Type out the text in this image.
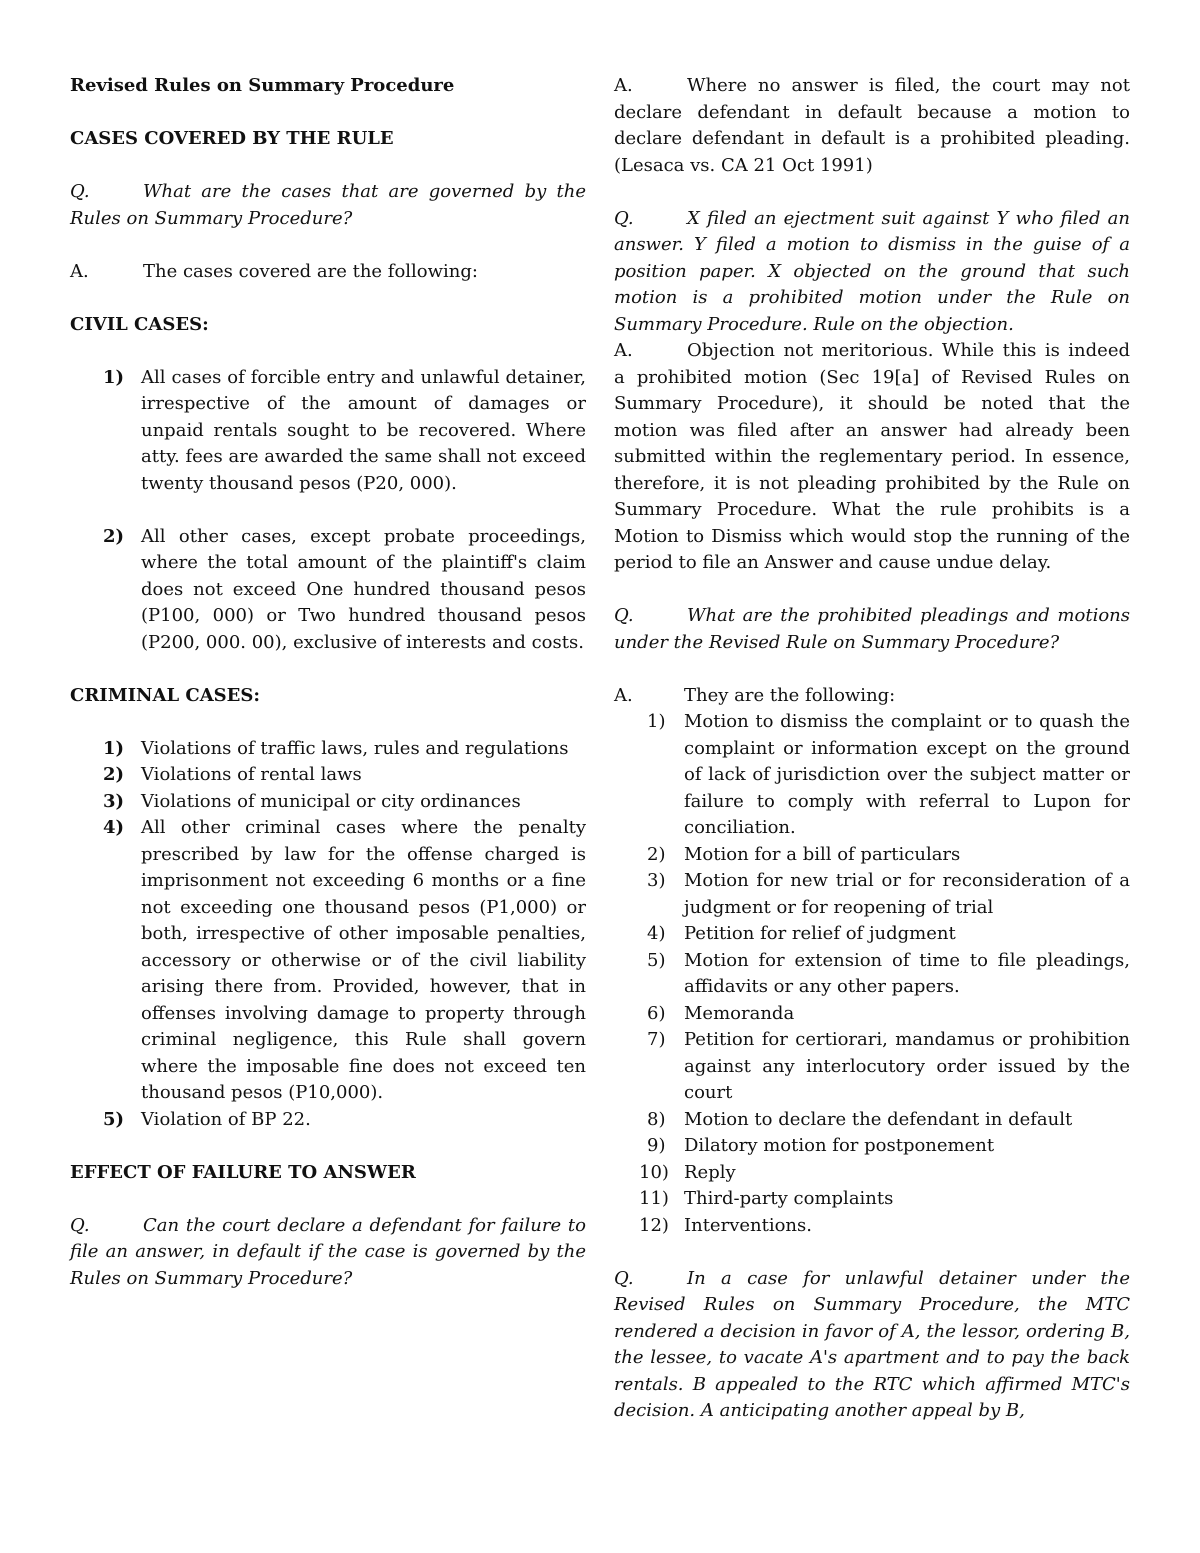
Revised Rules on Summary Procedure

CASES COVERED BY THE RULE

Q.	What are the cases that are governed by the Rules on Summary Procedure?

A.	The cases covered are the following:

CIVIL CASES:

1) All cases of forcible entry and unlawful detainer, irrespective of the amount of damages or unpaid rentals sought to be recovered. Where atty. fees are awarded the same shall not exceed twenty thousand pesos (P20, 000).
2) All other cases, except probate proceedings, where the total amount of the plaintiff's claim does not exceed One hundred thousand pesos (P100, 000) or Two hundred thousand pesos (P200, 000. 00), exclusive of interests and costs.

CRIMINAL CASES:

1) Violations of traffic laws, rules and regulations
2) Violations of rental laws
3) Violations of municipal or city ordinances
4) All other criminal cases where the penalty prescribed by law for the offense charged is imprisonment not exceeding 6 months or a fine not exceeding one thousand pesos (P1,000) or both, irrespective of other imposable penalties, accessory or otherwise or of the civil liability arising there from. Provided, however, that in offenses involving damage to property through criminal negligence, this Rule shall govern where the imposable fine does not exceed ten thousand pesos (P10,000).
5) Violation of BP 22.

EFFECT OF FAILURE TO ANSWER

Q.	Can the court declare a defendant for failure to file an answer, in default if the case is governed by the Rules on Summary Procedure?

A.	Where no answer is filed, the court may not declare defendant in default because a motion to declare defendant in default is a prohibited pleading. (Lesaca vs. CA 21 Oct 1991)

Q.	X filed an ejectment suit against Y who filed an answer. Y filed a motion to dismiss in the guise of a position paper. X objected on the ground that such motion is a prohibited motion under the Rule on Summary Procedure. Rule on the objection.

A.	Objection not meritorious. While this is indeed a prohibited motion (Sec 19[a] of Revised Rules on Summary Procedure), it should be noted that the motion was filed after an answer had already been submitted within the reglementary period. In essence, therefore, it is not pleading prohibited by the Rule on Summary Procedure. What the rule prohibits is a Motion to Dismiss which would stop the running of the period to file an Answer and cause undue delay.

Q.	What are the prohibited pleadings and motions under the Revised Rule on Summary Procedure?

A.	They are the following:

1) Motion to dismiss the complaint or to quash the complaint or information except on the ground of lack of jurisdiction over the subject matter or failure to comply with referral to Lupon for conciliation.
2) Motion for a bill of particulars
3) Motion for new trial or for reconsideration of a judgment or for reopening of trial
4) Petition for relief of judgment
5) Motion for extension of time to file pleadings, affidavits or any other papers.
6) Memoranda
7) Petition for certiorari, mandamus or prohibition against any interlocutory order issued by the court
8) Motion to declare the defendant in default
9) Dilatory motion for postponement
10) Reply
11) Third-party complaints
12) Interventions.

Q.	In a case for unlawful detainer under the Revised Rules on Summary Procedure, the MTC rendered a decision in favor of A, the lessor, ordering B, the lessee, to vacate A's apartment and to pay the back rentals. B appealed to the RTC which affirmed MTC's decision. A anticipating another appeal by B,
